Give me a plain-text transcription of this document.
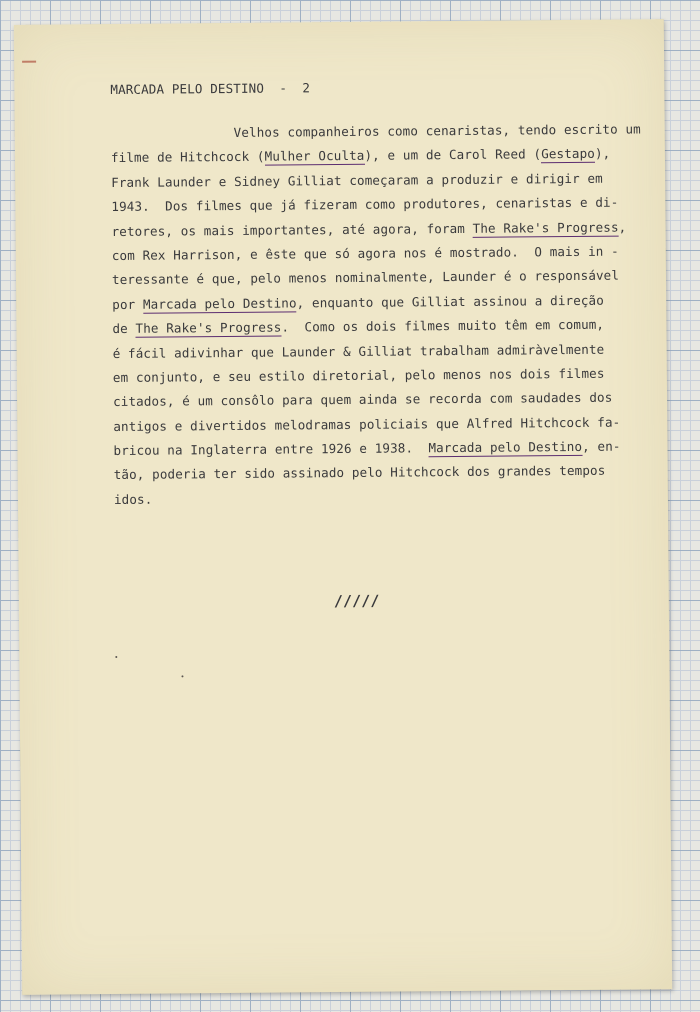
MARCADA PELO DESTINO  -  2
Velhos companheiros como cenaristas, tendo escrito um
filme de Hitchcock (Mulher Oculta), e um de Carol Reed (Gestapo),
Frank Launder e Sidney Gilliat começaram a produzir e dirigir em
1943.  Dos filmes que já fizeram como produtores, cenaristas e di-
retores, os mais importantes, até agora, foram The Rake's Progress,
com Rex Harrison, e êste que só agora nos é mostrado.  O mais in -
teressante é que, pelo menos nominalmente, Launder é o responsável
por Marcada pelo Destino, enquanto que Gilliat assinou a direção
de The Rake's Progress.  Como os dois filmes muito têm em comum,
é fácil adivinhar que Launder & Gilliat trabalham admiràvelmente
em conjunto, e seu estilo diretorial, pelo menos nos dois filmes
citados, é um consôlo para quem ainda se recorda com saudades dos
antigos e divertidos melodramas policiais que Alfred Hitchcock fa-
bricou na Inglaterra entre 1926 e 1938.  Marcada pelo Destino, en-
tão, poderia ter sido assinado pelo Hitchcock dos grandes tempos
idos.
/////
